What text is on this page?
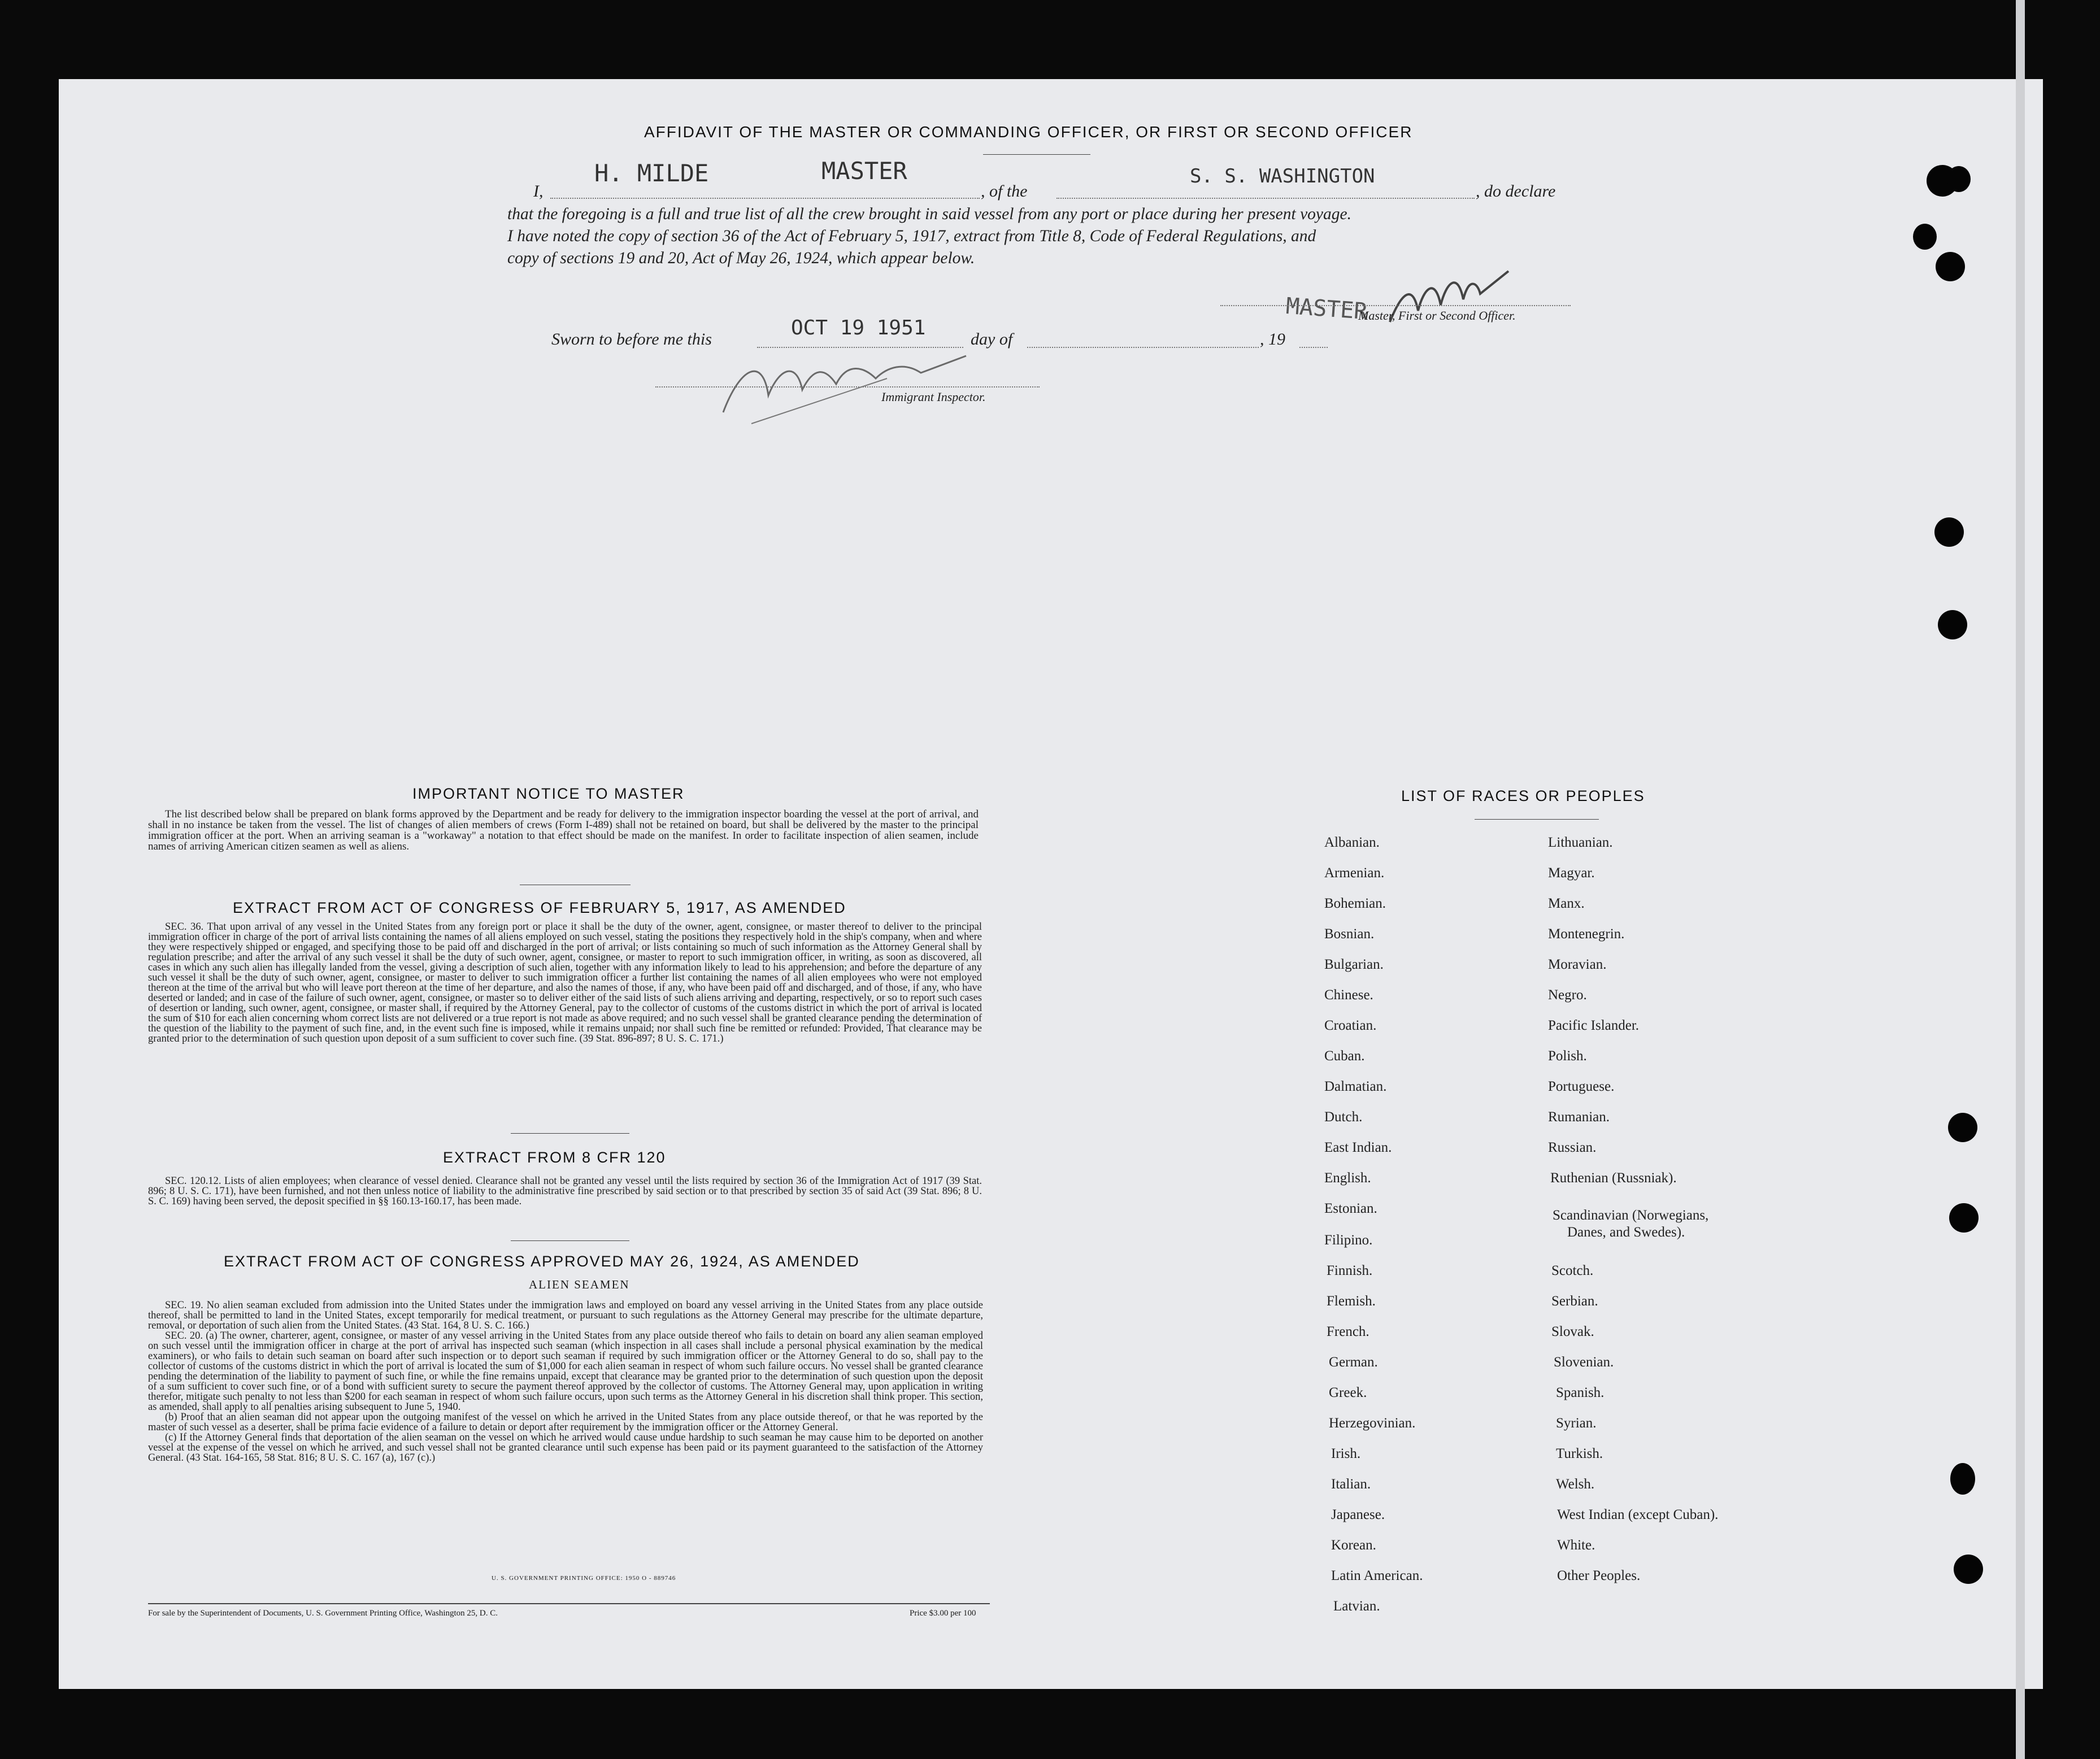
AFFIDAVIT OF THE MASTER OR COMMANDING OFFICER, OR FIRST OR SECOND OFFICER
I,
H. MILDE	MASTER
, of the
S. S. WASHINGTON
, do declare
that the foregoing is a full and true list of all the crew brought in said vessel from any port or place during her present voyage.
I have noted the copy of section 36 of the Act of February 5, 1917, extract from Title 8, Code of Federal Regulations, and
copy of sections 19 and 20, Act of May 26, 1924, which appear below.
MASTER
Master, First or Second Officer.
Sworn to before me this	OCT 19 1951	day of	, 19
Immigrant Inspector.
IMPORTANT NOTICE TO MASTER
The list described below shall be prepared on blank forms approved by the Department and be ready for delivery to the immigration inspector boarding the vessel at the port of arrival, and shall in no instance be taken from the vessel. The list of changes of alien members of crews (Form I-489) shall not be retained on board, but shall be delivered by the master to the principal immigration officer at the port. When an arriving seaman is a "workaway" a notation to that effect should be made on the manifest. In order to facilitate inspection of alien seamen, include names of arriving American citizen seamen as well as aliens.
EXTRACT FROM ACT OF CONGRESS OF FEBRUARY 5, 1917, AS AMENDED
SEC. 36. That upon arrival of any vessel in the United States from any foreign port or place it shall be the duty of the owner, agent, consignee, or master thereof to deliver to the principal immigration officer in charge of the port of arrival lists containing the names of all aliens employed on such vessel, stating the positions they respectively hold in the ship's company, when and where they were respectively shipped or engaged, and specifying those to be paid off and discharged in the port of arrival; or lists containing so much of such information as the Attorney General shall by regulation prescribe; and after the arrival of any such vessel it shall be the duty of such owner, agent, consignee, or master to report to such immigration officer, in writing, as soon as discovered, all cases in which any such alien has illegally landed from the vessel, giving a description of such alien, together with any information likely to lead to his apprehension; and before the departure of any such vessel it shall be the duty of such owner, agent, consignee, or master to deliver to such immigration officer a further list containing the names of all alien employees who were not employed thereon at the time of the arrival but who will leave port thereon at the time of her departure, and also the names of those, if any, who have been paid off and discharged, and of those, if any, who have deserted or landed; and in case of the failure of such owner, agent, consignee, or master so to deliver either of the said lists of such aliens arriving and departing, respectively, or so to report such cases of desertion or landing, such owner, agent, consignee, or master shall, if required by the Attorney General, pay to the collector of customs of the customs district in which the port of arrival is located the sum of $10 for each alien concerning whom correct lists are not delivered or a true report is not made as above required; and no such vessel shall be granted clearance pending the determination of the question of the liability to the payment of such fine, and, in the event such fine is imposed, while it remains unpaid; nor shall such fine be remitted or refunded: Provided, That clearance may be granted prior to the determination of such question upon deposit of a sum sufficient to cover such fine. (39 Stat. 896-897; 8 U. S. C. 171.)
EXTRACT FROM 8 CFR 120
SEC. 120.12. Lists of alien employees; when clearance of vessel denied. Clearance shall not be granted any vessel until the lists required by section 36 of the Immigration Act of 1917 (39 Stat. 896; 8 U. S. C. 171), have been furnished, and not then unless notice of liability to the administrative fine prescribed by said section or to that prescribed by section 35 of said Act (39 Stat. 896; 8 U. S. C. 169) having been served, the deposit specified in §§ 160.13-160.17, has been made.
EXTRACT FROM ACT OF CONGRESS APPROVED MAY 26, 1924, AS AMENDED
ALIEN SEAMEN
SEC. 19. No alien seaman excluded from admission into the United States under the immigration laws and employed on board any vessel arriving in the United States from any place outside thereof, shall be permitted to land in the United States, except temporarily for medical treatment, or pursuant to such regulations as the Attorney General may prescribe for the ultimate departure, removal, or deportation of such alien from the United States. (43 Stat. 164, 8 U. S. C. 166.)
SEC. 20. (a) The owner, charterer, agent, consignee, or master of any vessel arriving in the United States from any place outside thereof who fails to detain on board any alien seaman employed on such vessel until the immigration officer in charge at the port of arrival has inspected such seaman (which inspection in all cases shall include a personal physical examination by the medical examiners), or who fails to detain such seaman on board after such inspection or to deport such seaman if required by such immigration officer or the Attorney General to do so, shall pay to the collector of customs of the customs district in which the port of arrival is located the sum of $1,000 for each alien seaman in respect of whom such failure occurs. No vessel shall be granted clearance pending the determination of the liability to payment of such fine, or while the fine remains unpaid, except that clearance may be granted prior to the determination of such question upon the deposit of a sum sufficient to cover such fine, or of a bond with sufficient surety to secure the payment thereof approved by the collector of customs. The Attorney General may, upon application in writing therefor, mitigate such penalty to not less than $200 for each seaman in respect of whom such failure occurs, upon such terms as the Attorney General in his discretion shall think proper. This section, as amended, shall apply to all penalties arising subsequent to June 5, 1940.
(b) Proof that an alien seaman did not appear upon the outgoing manifest of the vessel on which he arrived in the United States from any place outside thereof, or that he was reported by the master of such vessel as a deserter, shall be prima facie evidence of a failure to detain or deport after requirement by the immigration officer or the Attorney General.
(c) If the Attorney General finds that deportation of the alien seaman on the vessel on which he arrived would cause undue hardship to such seaman he may cause him to be deported on another vessel at the expense of the vessel on which he arrived, and such vessel shall not be granted clearance until such expense has been paid or its payment guaranteed to the satisfaction of the Attorney General. (43 Stat. 164-165, 58 Stat. 816; 8 U. S. C. 167 (a), 167 (c).)
U. S. GOVERNMENT PRINTING OFFICE: 1950 O - 889746
For sale by the Superintendent of Documents, U. S. Government Printing Office, Washington 25, D. C.	Price $3.00 per 100
LIST OF RACES OR PEOPLES
Albanian.
Armenian.
Bohemian.
Bosnian.
Bulgarian.
Chinese.
Croatian.
Cuban.
Dalmatian.
Dutch.
East Indian.
English.
Estonian.
Filipino.
Finnish.
Flemish.
French.
German.
Greek.
Herzegovinian.
Irish.
Italian.
Japanese.
Korean.
Latin American.
Latvian.
Lithuanian.
Magyar.
Manx.
Montenegrin.
Moravian.
Negro.
Pacific Islander.
Polish.
Portuguese.
Rumanian.
Russian.
Ruthenian (Russniak).
Scandinavian (Norwegians,
Danes, and Swedes).
Scotch.
Serbian.
Slovak.
Slovenian.
Spanish.
Syrian.
Turkish.
Welsh.
West Indian (except Cuban).
White.
Other Peoples.
